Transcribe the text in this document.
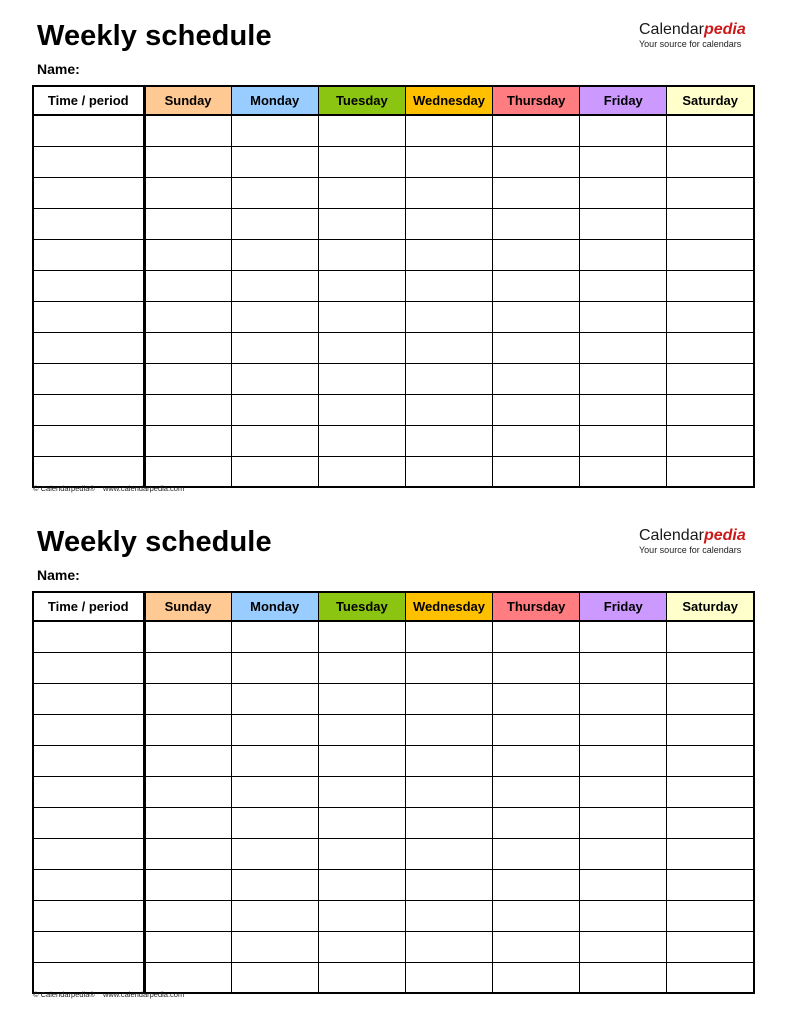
Weekly schedule
Name:
Calendarpedia
Your source for calendars
Time / period	Sunday	Monday	Tuesday	Wednesday	Thursday	Friday	Saturday

© Calendarpedia® www.calendarpedia.com
Weekly schedule
Name:
Calendarpedia
Your source for calendars
Time / period	Sunday	Monday	Tuesday	Wednesday	Thursday	Friday	Saturday

© Calendarpedia® www.calendarpedia.com
